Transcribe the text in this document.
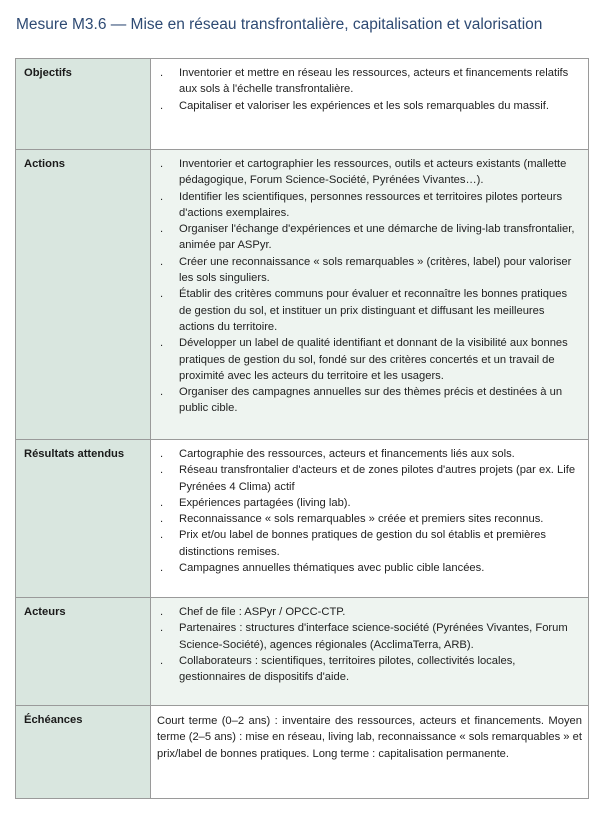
Mesure M3.6 — Mise en réseau transfrontalière, capitalisation et valorisation
Objectifs	. Inventorier et mettre en réseau les ressources, acteurs et financements relatifs aux sols à l'échelle transfrontalière.
. Capitaliser et valoriser les expériences et les sols remarquables du massif.
Actions	. Inventorier et cartographier les ressources, outils et acteurs existants (mallette pédagogique, Forum Science-Société, Pyrénées Vivantes…).
. Identifier les scientifiques, personnes ressources et territoires pilotes porteurs d'actions exemplaires.
. Organiser l'échange d'expériences et une démarche de living-lab transfrontalier, animée par ASPyr.
. Créer une reconnaissance « sols remarquables » (critères, label) pour valoriser les sols singuliers.
. Établir des critères communs pour évaluer et reconnaître les bonnes pratiques de gestion du sol, et instituer un prix distinguant et diffusant les meilleures actions du territoire.
. Développer un label de qualité identifiant et donnant de la visibilité aux bonnes pratiques de gestion du sol, fondé sur des critères concertés et un travail de proximité avec les acteurs du territoire et les usagers.
. Organiser des campagnes annuelles sur des thèmes précis et destinées à un public cible.
Résultats attendus	. Cartographie des ressources, acteurs et financements liés aux sols.
. Réseau transfrontalier d'acteurs et de zones pilotes d'autres projets (par ex. Life Pyrénées 4 Clima) actif
. Expériences partagées (living lab).
. Reconnaissance « sols remarquables » créée et premiers sites reconnus.
. Prix et/ou label de bonnes pratiques de gestion du sol établis et premières distinctions remises.
. Campagnes annuelles thématiques avec public cible lancées.
Acteurs	. Chef de file : ASPyr / OPCC-CTP.
. Partenaires : structures d'interface science-société (Pyrénées Vivantes, Forum Science-Société), agences régionales (AcclimaTerra, ARB).
. Collaborateurs : scientifiques, territoires pilotes, collectivités locales, gestionnaires de dispositifs d'aide.
Échéances	Court terme (0–2 ans) : inventaire des ressources, acteurs et financements. Moyen terme (2–5 ans) : mise en réseau, living lab, reconnaissance « sols remarquables » et prix/label de bonnes pratiques. Long terme : capitalisation permanente.
